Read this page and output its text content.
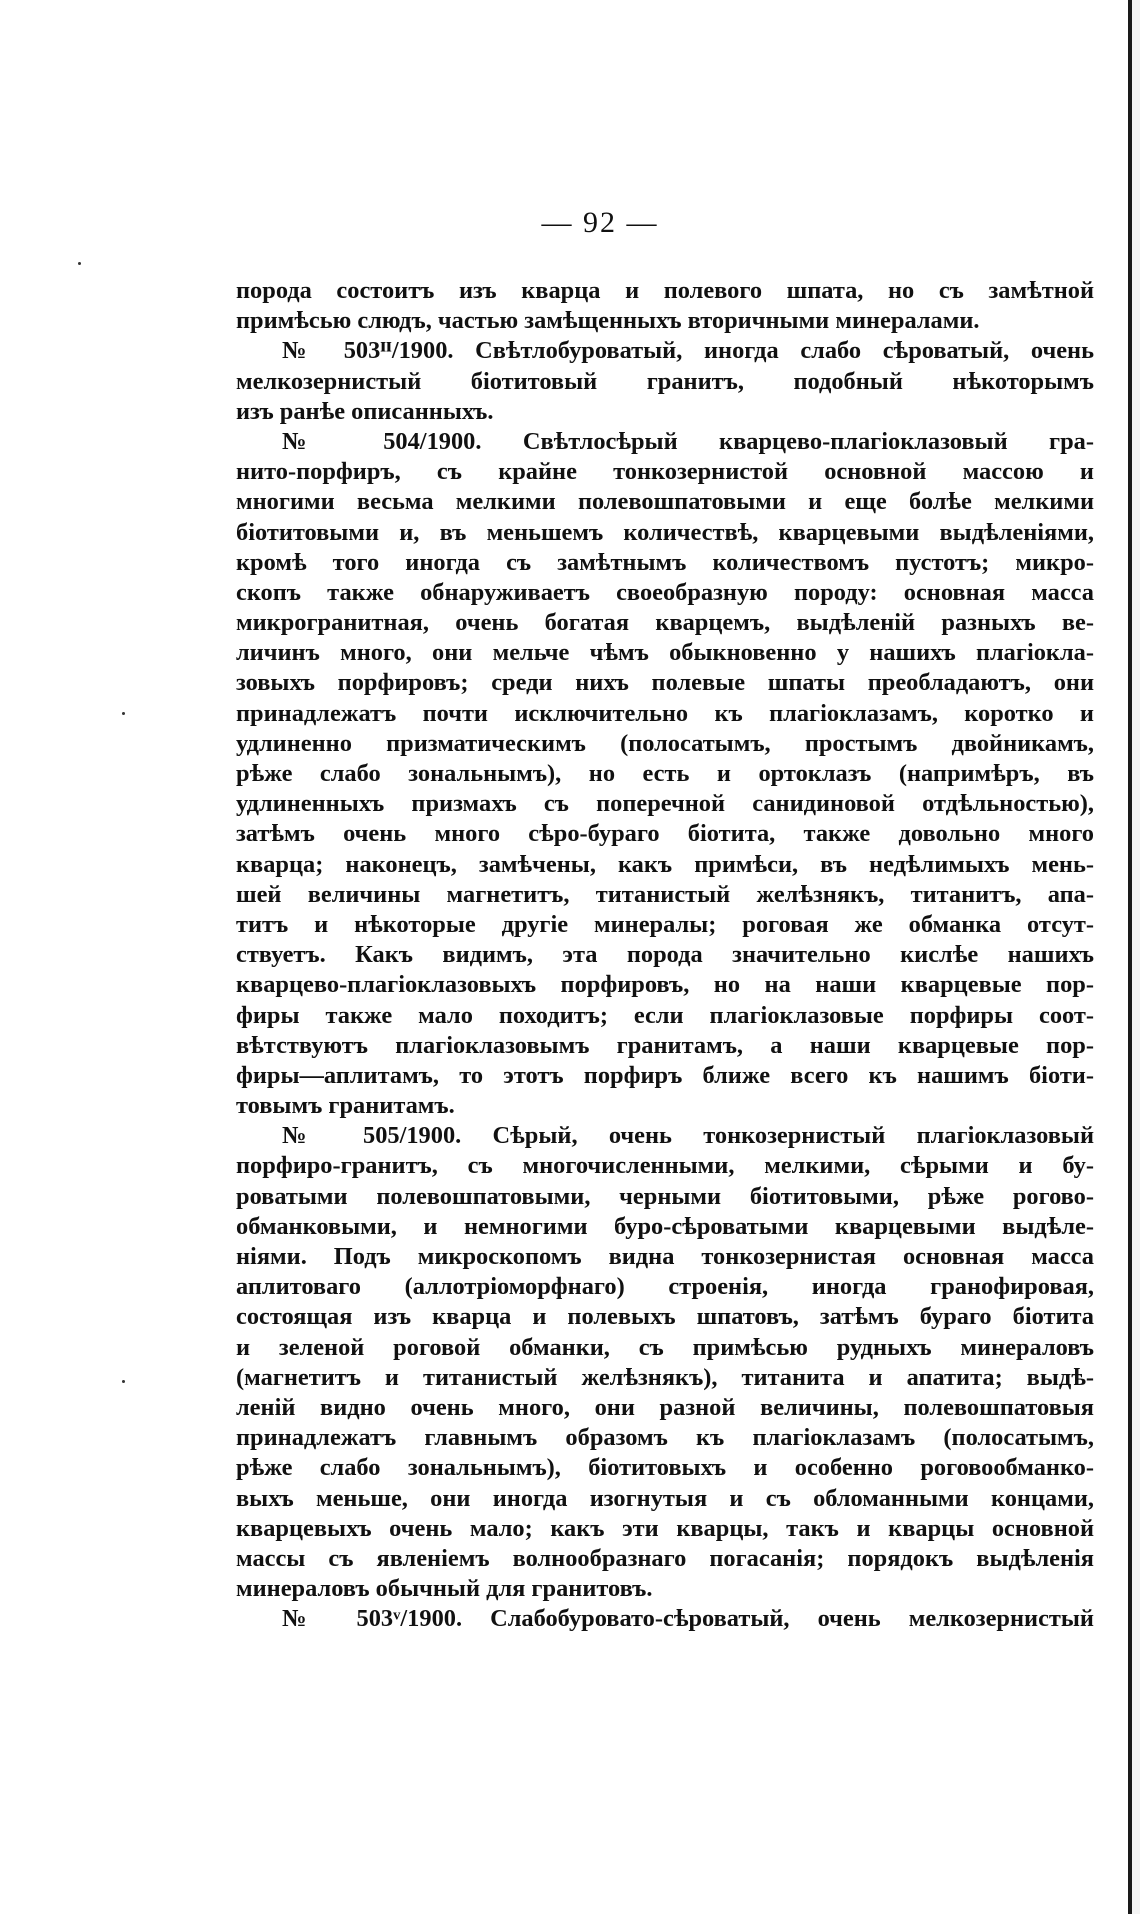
— 92 —
порода состоитъ изъ кварца и полевого шпата, но съ замѣтной
примѣсью слюдъ, частью замѣщенныхъ вторичными минералами.
№ 503ᴵᴵ/1900. Свѣтлобуроватый, иногда слабо сѣроватый, очень
мелкозернистый біотитовый гранитъ, подобный нѣкоторымъ
изъ ранѣе описанныхъ.
№ 504/1900. Свѣтлосѣрый кварцево-плагіоклазовый гра-
нито-порфиръ, съ крайне тонкозернистой основной массою и
многими весьма мелкими полевошпатовыми и еще болѣе мелкими
біотитовыми и, въ меньшемъ количествѣ, кварцевыми выдѣленіями,
кромѣ того иногда съ замѣтнымъ количествомъ пустотъ; микро-
скопъ также обнаруживаетъ своеобразную породу: основная масса
микрогранитная, очень богатая кварцемъ, выдѣленій разныхъ ве-
личинъ много, они мельче чѣмъ обыкновенно у нашихъ плагіокла-
зовыхъ порфировъ; среди нихъ полевые шпаты преобладаютъ, они
принадлежатъ почти исключительно къ плагіоклазамъ, коротко и
удлиненно призматическимъ (полосатымъ, простымъ двойникамъ,
рѣже слабо зональнымъ), но есть и ортоклазъ (напримѣръ, въ
удлиненныхъ призмахъ съ поперечной санидиновой отдѣльностью),
затѣмъ очень много сѣро-бураго біотита, также довольно много
кварца; наконецъ, замѣчены, какъ примѣси, въ недѣлимыхъ мень-
шей величины магнетитъ, титанистый желѣзнякъ, титанитъ, апа-
титъ и нѣкоторые другіе минералы; роговая же обманка отсут-
ствуетъ. Какъ видимъ, эта порода значительно кислѣе нашихъ
кварцево-плагіоклазовыхъ порфировъ, но на наши кварцевые пор-
фиры также мало походитъ; если плагіоклазовые порфиры соот-
вѣтствуютъ плагіоклазовымъ гранитамъ, а наши кварцевые пор-
фиры—аплитамъ, то этотъ порфиръ ближе всего къ нашимъ біоти-
товымъ гранитамъ.
№ 505/1900. Сѣрый, очень тонкозернистый плагіоклазовый
порфиро-гранитъ, съ многочисленными, мелкими, сѣрыми и бу-
роватыми полевошпатовыми, черными біотитовыми, рѣже рогово-
обманковыми, и немногими буро-сѣроватыми кварцевыми выдѣле-
ніями. Подъ микроскопомъ видна тонкозернистая основная масса
аплитоваго (аллотріоморфнаго) строенія, иногда гранофировая,
состоящая изъ кварца и полевыхъ шпатовъ, затѣмъ бураго біотита
и зеленой роговой обманки, съ примѣсью рудныхъ минераловъ
(магнетитъ и титанистый желѣзнякъ), титанита и апатита; выдѣ-
леній видно очень много, они разной величины, полевошпатовыя
принадлежатъ главнымъ образомъ къ плагіоклазамъ (полосатымъ,
рѣже слабо зональнымъ), біотитовыхъ и особенно роговообманко-
выхъ меньше, они иногда изогнутыя и съ обломанными концами,
кварцевыхъ очень мало; какъ эти кварцы, такъ и кварцы основной
массы съ явленіемъ волнообразнаго погасанія; порядокъ выдѣленія
минераловъ обычный для гранитовъ.
№ 503ᵛ/1900. Слабобуровато-сѣроватый, очень мелкозернистый
